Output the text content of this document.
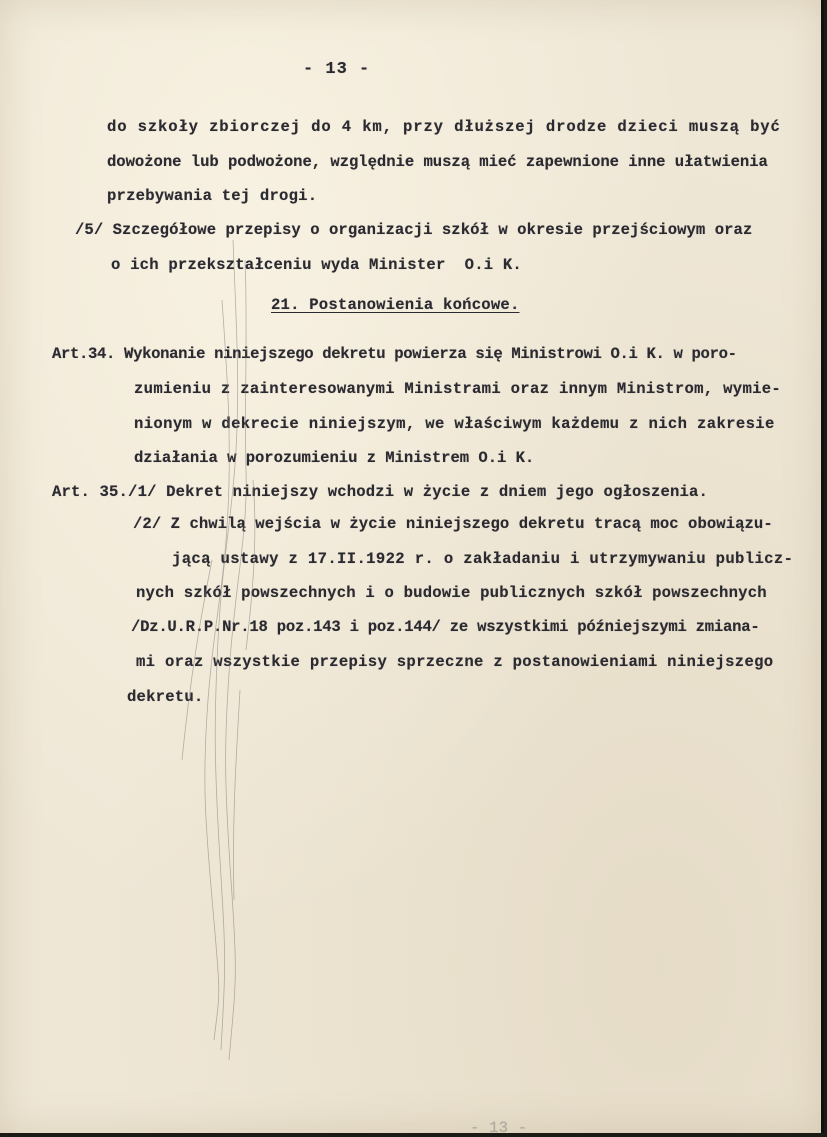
- 13 -
do szkoły zbiorczej do 4 km, przy dłuższej drodze dzieci muszą być
dowożone lub podwożone, względnie muszą mieć zapewnione inne ułatwienia
przebywania tej drogi.
/5/ Szczegółowe przepisy o organizacji szkół w okresie przejściowym oraz
o ich przekształceniu wyda Minister  O.i K.
21. Postanowienia końcowe.
Art.34. Wykonanie niniejszego dekretu powierza się Ministrowi O.i K. w poro-
zumieniu z zainteresowanymi Ministrami oraz innym Ministrom, wymie-
nionym w dekrecie niniejszym, we właściwym każdemu z nich zakresie
działania w porozumieniu z Ministrem O.i K.
Art. 35./1/ Dekret niniejszy wchodzi w życie z dniem jego ogłoszenia.
/2/ Z chwilą wejścia w życie niniejszego dekretu tracą moc obowiązu-
jącą ustawy z 17.II.1922 r. o zakładaniu i utrzymywaniu publicz-
nych szkół powszechnych i o budowie publicznych szkół powszechnych
/Dz.U.R.P.Nr.18 poz.143 i poz.144/ ze wszystkimi późniejszymi zmiana-
mi oraz wszystkie przepisy sprzeczne z postanowieniami niniejszego
dekretu.
- 13 -
